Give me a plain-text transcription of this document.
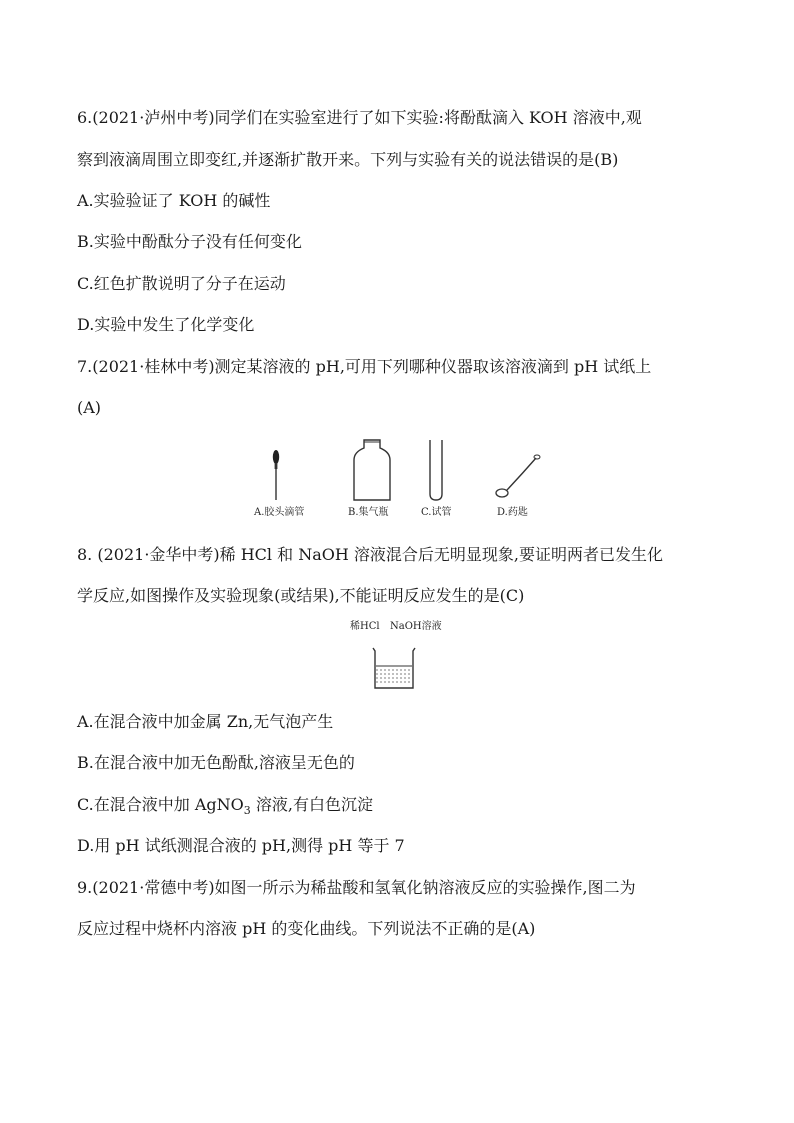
6.(2021·泸州中考)同学们在实验室进行了如下实验:将酚酞滴入 KOH 溶液中,观
察到液滴周围立即变红,并逐渐扩散开来。下列与实验有关的说法错误的是(B)
A.实验验证了 KOH 的碱性
B.实验中酚酞分子没有任何变化
C.红色扩散说明了分子在运动
D.实验中发生了化学变化
7.(2021·桂林中考)测定某溶液的 pH,可用下列哪种仪器取该溶液滴到 pH 试纸上
(A)
A.胶头滴管	B.集气瓶	C.试管	D.药匙
8. (2021·金华中考)稀 HCl 和 NaOH 溶液混合后无明显现象,要证明两者已发生化
学反应,如图操作及实验现象(或结果),不能证明反应发生的是(C)
稀HCl NaOH溶液
A.在混合液中加金属 Zn,无气泡产生
B.在混合液中加无色酚酞,溶液呈无色的
C.在混合液中加 AgNO$_3$ 溶液,有白色沉淀
D.用 pH 试纸测混合液的 pH,测得 pH 等于 7
9.(2021·常德中考)如图一所示为稀盐酸和氢氧化钠溶液反应的实验操作,图二为
反应过程中烧杯内溶液 pH 的变化曲线。下列说法不正确的是(A)
